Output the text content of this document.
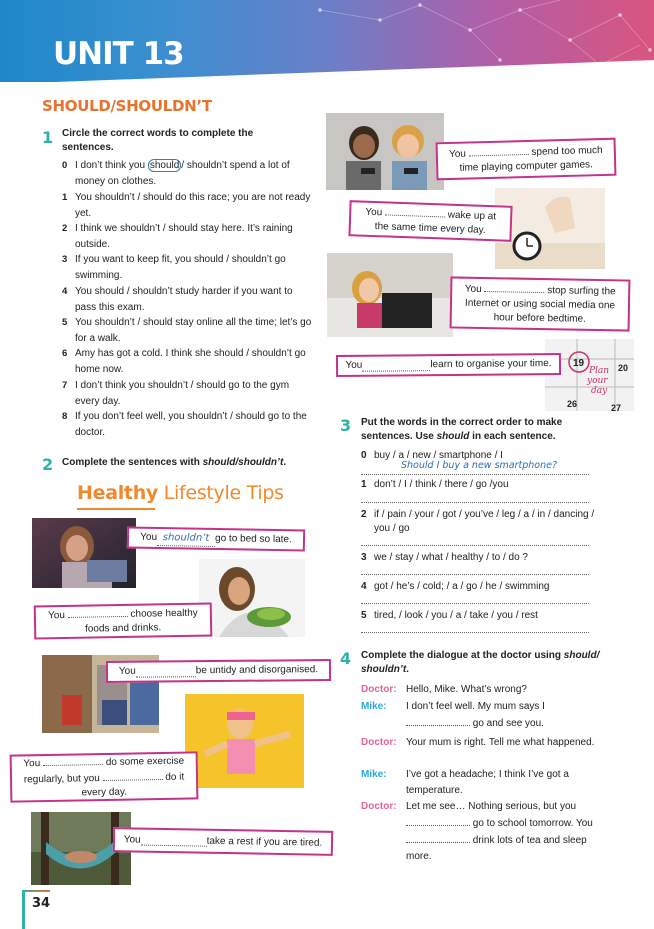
UNIT 13
SHOULD/SHOULDN’T
1 Circle the correct words to complete the sentences.
0 I don’t think you should / shouldn’t spend a lot of money on clothes.
1 You shouldn’t / should do this race; you are not ready yet.
2 I think we shouldn’t / should stay here. It’s raining outside.
3 If you want to keep fit, you should / shouldn’t go swimming.
4 You should / shouldn’t study harder if you want to pass this exam.
5 You shouldn’t / should stay online all the time; let’s go for a walk.
6 Amy has got a cold. I think she should / shouldn’t go home now.
7 I don’t think you shouldn’t / should go to the gym every day.
8 If you don’t feel well, you shouldn’t / should go to the doctor.
2 Complete the sentences with should/shouldn’t.
Healthy Lifestyle Tips
19	20
26	27
Plan
your
day
You shouldn’t go to bed so late.
You	choose healthy foods and drinks.
You	be untidy and disorganised.
You	do some exercise regularly, but you	do it every day.
You	take a rest if you are tired.
You	spend too much time playing computer games.
You	wake up at the same time every day.
You	stop surfing the Internet or using social media one hour before bedtime.
You	learn to organise your time.
3 Put the words in the correct order to make sentences. Use should in each sentence.
0 buy / a / new / smartphone / I
Should I buy a new smartphone?
1 don’t / I / think / there / go /you
2 if / pain / your / got / you’ve / leg / a / in / dancing / you / go
3 we / stay / what / healthy / to / do ?
4 got / he’s / cold; / a / go / he / swimming
5 tired, / look / you / a / take / you / rest
4 Complete the dialogue at the doctor using should/ shouldn’t.
Doctor: Hello, Mike. What’s wrong?
Mike: I don’t feel well. My mum says I
go and see you.
Doctor: Your mum is right. Tell me what happened.
Mike: I’ve got a headache; I think I’ve got a temperature.
Doctor: Let me see… Nothing serious, but you
go to school tomorrow. You
drink lots of tea and sleep more.
34
